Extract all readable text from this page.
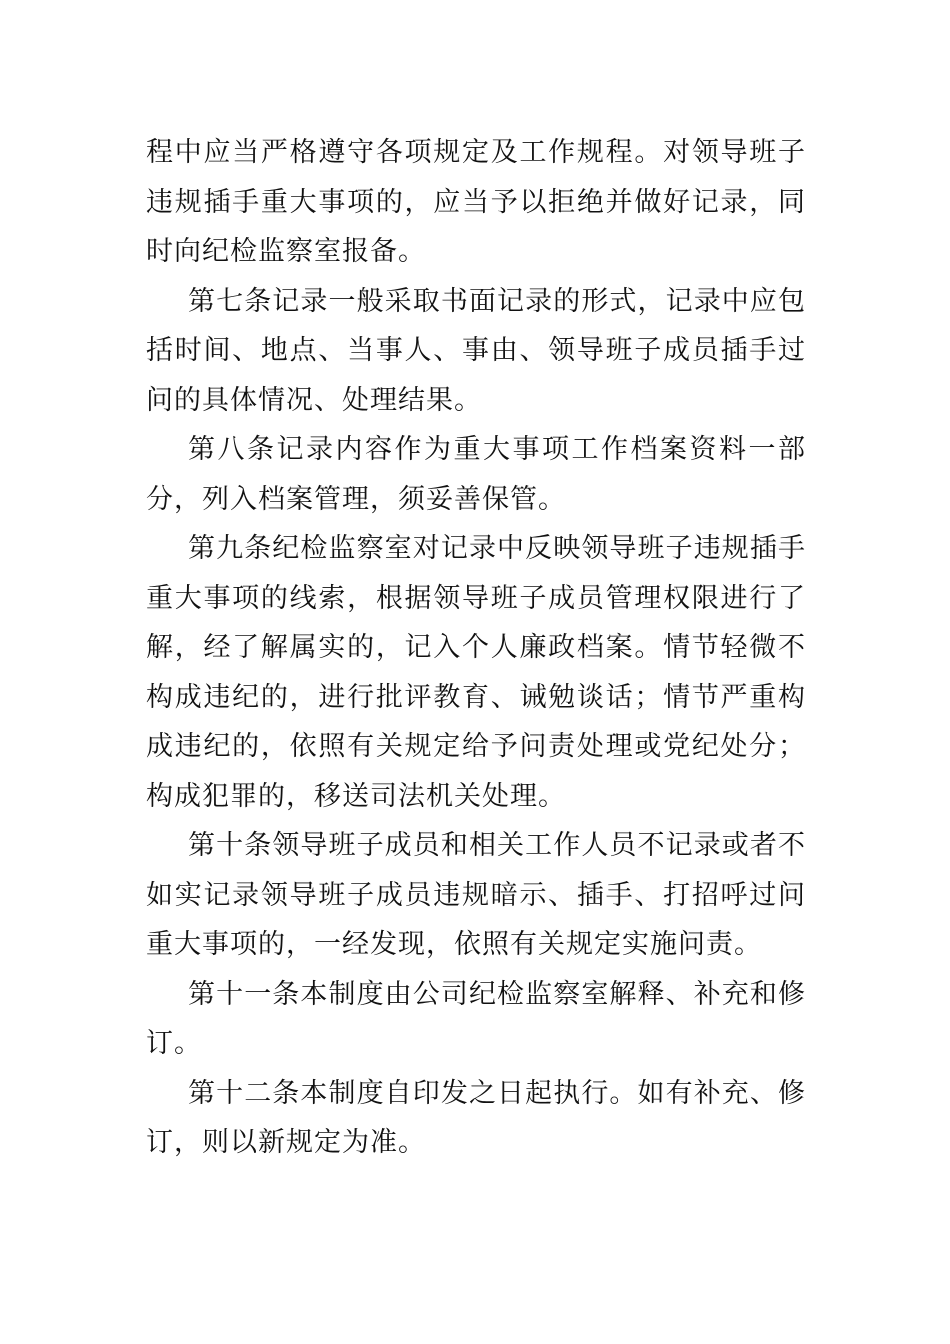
程中应当严格遵守各项规定及工作规程。对领导班子违规插手重大事项的，应当予以拒绝并做好记录，同时向纪检监察室报备。

第七条记录一般采取书面记录的形式，记录中应包括时间、地点、当事人、事由、领导班子成员插手过问的具体情况、处理结果。

第八条记录内容作为重大事项工作档案资料一部分，列入档案管理，须妥善保管。

第九条纪检监察室对记录中反映领导班子违规插手重大事项的线索，根据领导班子成员管理权限进行了解，经了解属实的，记入个人廉政档案。情节轻微不构成违纪的，进行批评教育、诫勉谈话；情节严重构成违纪的，依照有关规定给予问责处理或党纪处分；构成犯罪的，移送司法机关处理。

第十条领导班子成员和相关工作人员不记录或者不如实记录领导班子成员违规暗示、插手、打招呼过问重大事项的，一经发现，依照有关规定实施问责。

第十一条本制度由公司纪检监察室解释、补充和修订。

第十二条本制度自印发之日起执行。如有补充、修订，则以新规定为准。
